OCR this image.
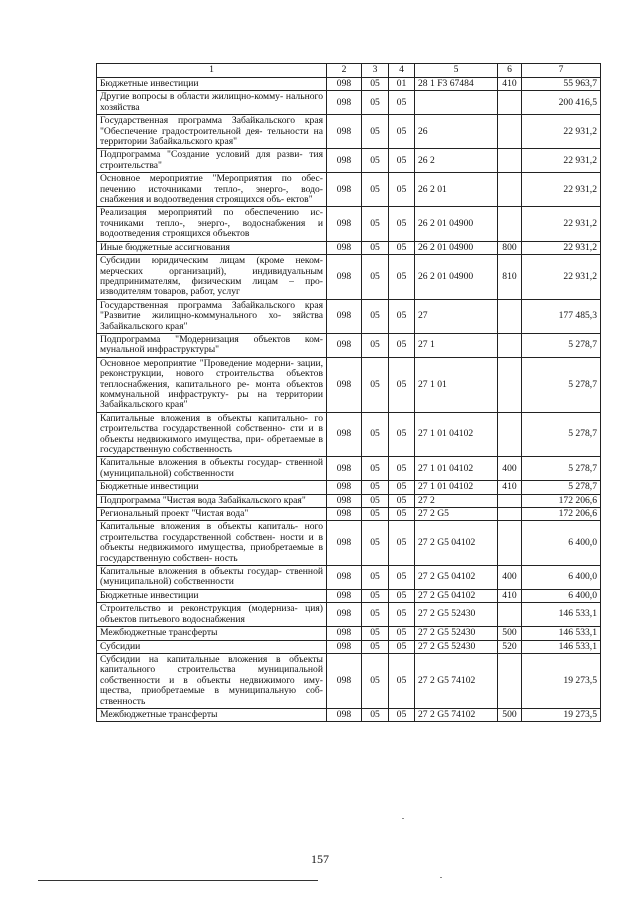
1	2	3	4	5	6	7
Бюджетные инвестиции	098	05	01	28 1 F3 67484	410	55 963,7
Другие вопросы в области жилищно-комму- нального хозяйства	098	05	05			200 416,5
Государственная программа Забайкальского края "Обеспечение градостроительной дея- тельности на территории Забайкальского края"	098	05	05	26		22 931,2
Подпрограмма "Создание условий для разви- тия строительства"	098	05	05	26 2		22 931,2
Основное мероприятие "Мероприятия по обес- печению источниками тепло-, энерго-, водо- снабжения и водоотведения строящихся объ- ектов"	098	05	05	26 2 01		22 931,2
Реализация мероприятий по обеспечению ис- точниками тепло-, энерго-, водоснабжения и водоотведения строящихся объектов	098	05	05	26 2 01 04900		22 931,2
Иные бюджетные ассигнования	098	05	05	26 2 01 04900	800	22 931,2
Субсидии юридическим лицам (кроме неком- мерческих организаций), индивидуальным предпринимателям, физическим лицам – про- изводителям товаров, работ, услуг	098	05	05	26 2 01 04900	810	22 931,2
Государственная программа Забайкальского края "Развитие жилищно-коммунального хо- зяйства Забайкальского края"	098	05	05	27		177 485,3
Подпрограмма "Модернизация объектов ком- мунальной инфраструктуры"	098	05	05	27 1		5 278,7
Основное мероприятие "Проведение модерни- зации, реконструкции, нового строительства объектов теплоснабжения, капитального ре- монта объектов коммунальной инфраструкту- ры на территории Забайкальского края"	098	05	05	27 1 01		5 278,7
Капитальные вложения в объекты капитально- го строительства государственной собственно- сти и в объекты недвижимого имущества, при- обретаемые в государственную собственность	098	05	05	27 1 01 04102		5 278,7
Капитальные вложения в объекты государ- ственной (муниципальной) собственности	098	05	05	27 1 01 04102	400	5 278,7
Бюджетные инвестиции	098	05	05	27 1 01 04102	410	5 278,7
Подпрограмма "Чистая вода Забайкальского края"	098	05	05	27 2		172 206,6
Региональный проект "Чистая вода"	098	05	05	27 2 G5		172 206,6
Капитальные вложения в объекты капиталь- ного строительства государственной собствен- ности и в объекты недвижимого имущества, приобретаемые в государственную собствен- ность	098	05	05	27 2 G5 04102		6 400,0
Капитальные вложения в объекты государ- ственной (муниципальной) собственности	098	05	05	27 2 G5 04102	400	6 400,0
Бюджетные инвестиции	098	05	05	27 2 G5 04102	410	6 400,0
Строительство и реконструкция (модерниза- ция) объектов питьевого водоснабжения	098	05	05	27 2 G5 52430		146 533,1
Межбюджетные трансферты	098	05	05	27 2 G5 52430	500	146 533,1
Субсидии	098	05	05	27 2 G5 52430	520	146 533,1
Субсидии на капитальные вложения в объекты капитального строительства муниципальной собственности и в объекты недвижимого иму- щества, приобретаемые в муниципальную соб- ственность	098	05	05	27 2 G5 74102		19 273,5
Межбюджетные трансферты	098	05	05	27 2 G5 74102	500	19 273,5
157
